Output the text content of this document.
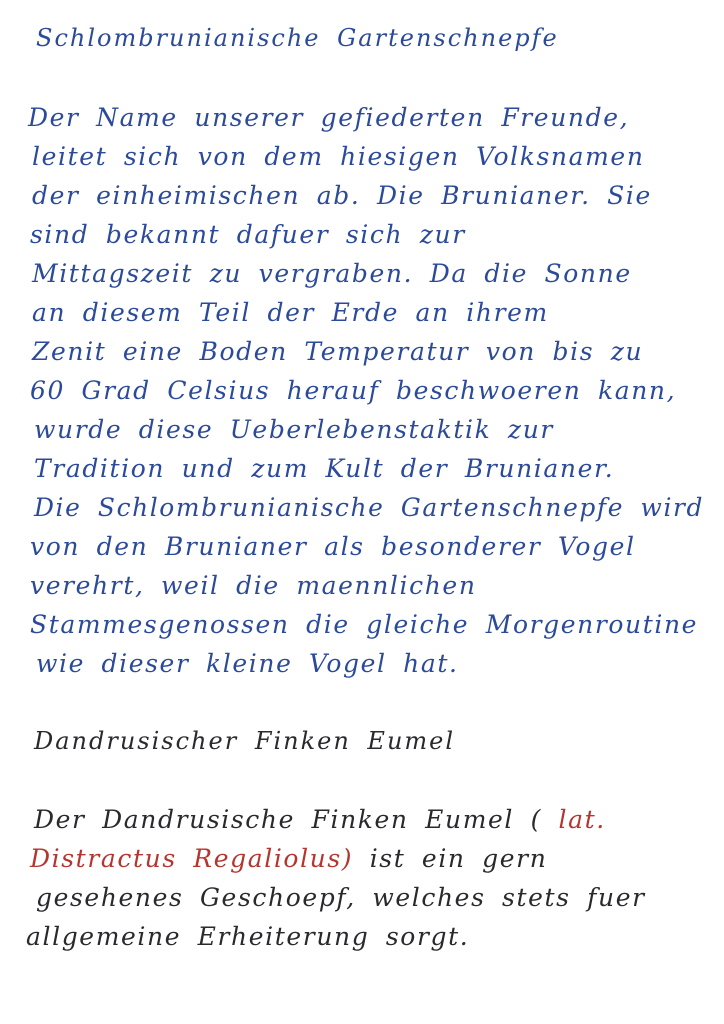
Schlombrunianische Gartenschnepfe
Der Name unserer gefiederten Freunde,
leitet sich von dem hiesigen Volksnamen
der einheimischen ab. Die Brunianer. Sie
sind bekannt dafuer sich zur
Mittagszeit zu vergraben. Da die Sonne
an diesem Teil der Erde an ihrem
Zenit eine Boden Temperatur von bis zu
60 Grad Celsius herauf beschwoeren kann,
wurde diese Ueberlebenstaktik zur
Tradition und zum Kult der Brunianer.
Die Schlombrunianische Gartenschnepfe wird
von den Brunianer als besonderer Vogel
verehrt, weil die maennlichen
Stammesgenossen die gleiche Morgenroutine
wie dieser kleine Vogel hat.
Dandrusischer Finken Eumel
Der Dandrusische Finken Eumel ( lat.
Distractus Regaliolus) ist ein gern
gesehenes Geschoepf, welches stets fuer
allgemeine Erheiterung sorgt.
